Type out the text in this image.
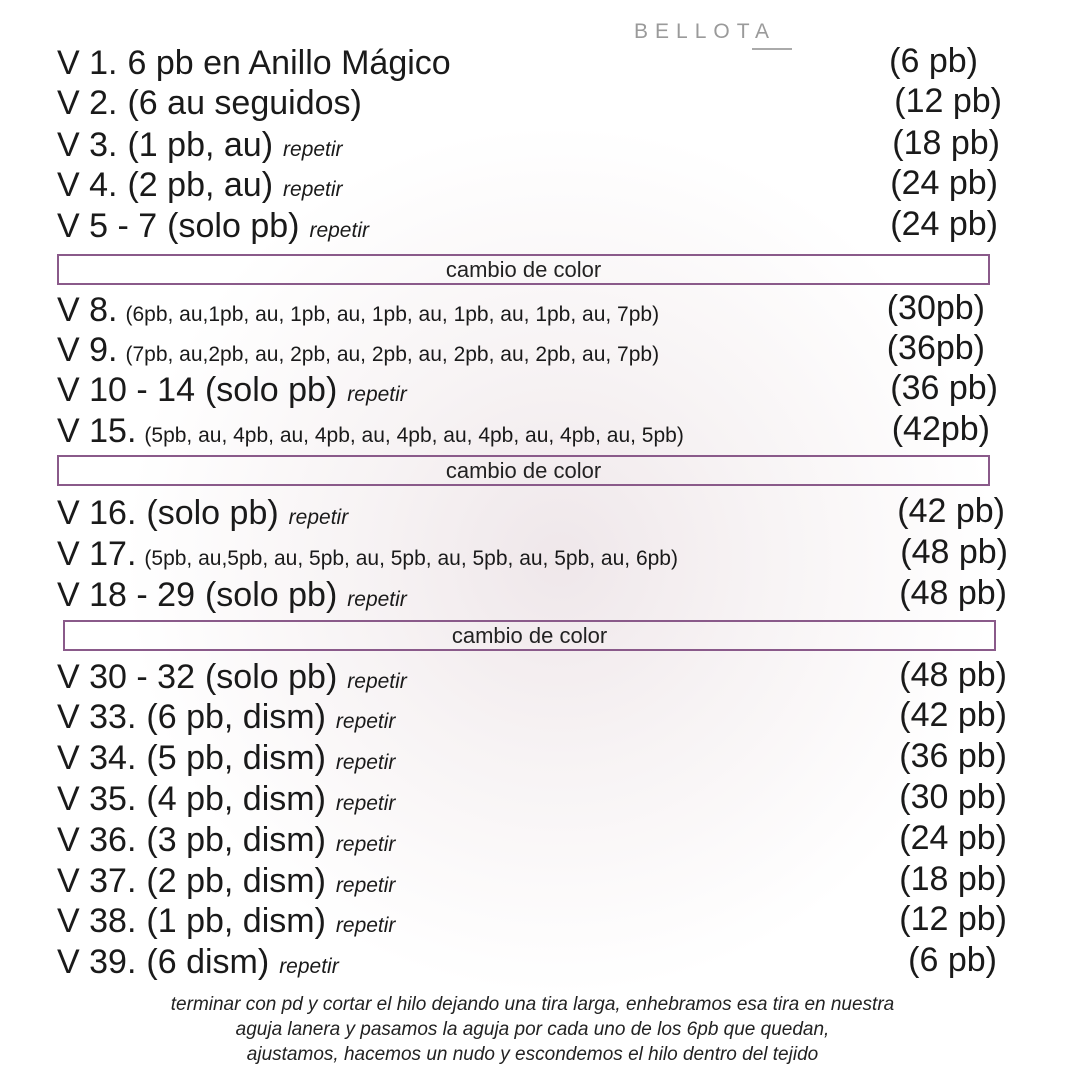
BELLOTA
V 1. 6 pb en Anillo Mágico	(6 pb)
V 2. (6 au seguidos)	(12 pb)
V 3. (1 pb, au) repetir	(18 pb)
V 4. (2 pb, au) repetir	(24 pb)
V 5 - 7 (solo pb) repetir	(24 pb)
cambio de color
V 8. (6pb, au,1pb, au, 1pb, au, 1pb, au, 1pb, au, 1pb, au, 7pb)	(30pb)
V 9. (7pb, au,2pb, au, 2pb, au, 2pb, au, 2pb, au, 2pb, au, 7pb)	(36pb)
V 10 - 14 (solo pb) repetir	(36 pb)
V 15. (5pb, au, 4pb, au, 4pb, au, 4pb, au, 4pb, au, 4pb, au, 5pb)	(42pb)
cambio de color
V 16. (solo pb) repetir	(42 pb)
V 17. (5pb, au,5pb, au, 5pb, au, 5pb, au, 5pb, au, 5pb, au, 6pb)	(48 pb)
V 18 - 29 (solo pb) repetir	(48 pb)
cambio de color
V 30 - 32 (solo pb) repetir	(48 pb)
V 33. (6 pb, dism) repetir	(42 pb)
V 34. (5 pb, dism) repetir	(36 pb)
V 35. (4 pb, dism) repetir	(30 pb)
V 36. (3 pb, dism) repetir	(24 pb)
V 37. (2 pb, dism) repetir	(18 pb)
V 38. (1 pb, dism) repetir	(12 pb)
V 39. (6 dism) repetir	(6 pb)
terminar con pd y cortar el hilo dejando una tira larga, enhebramos esa tira en nuestra
aguja lanera y pasamos la aguja por cada uno de los 6pb que quedan,
ajustamos, hacemos un nudo y escondemos el hilo dentro del tejido
